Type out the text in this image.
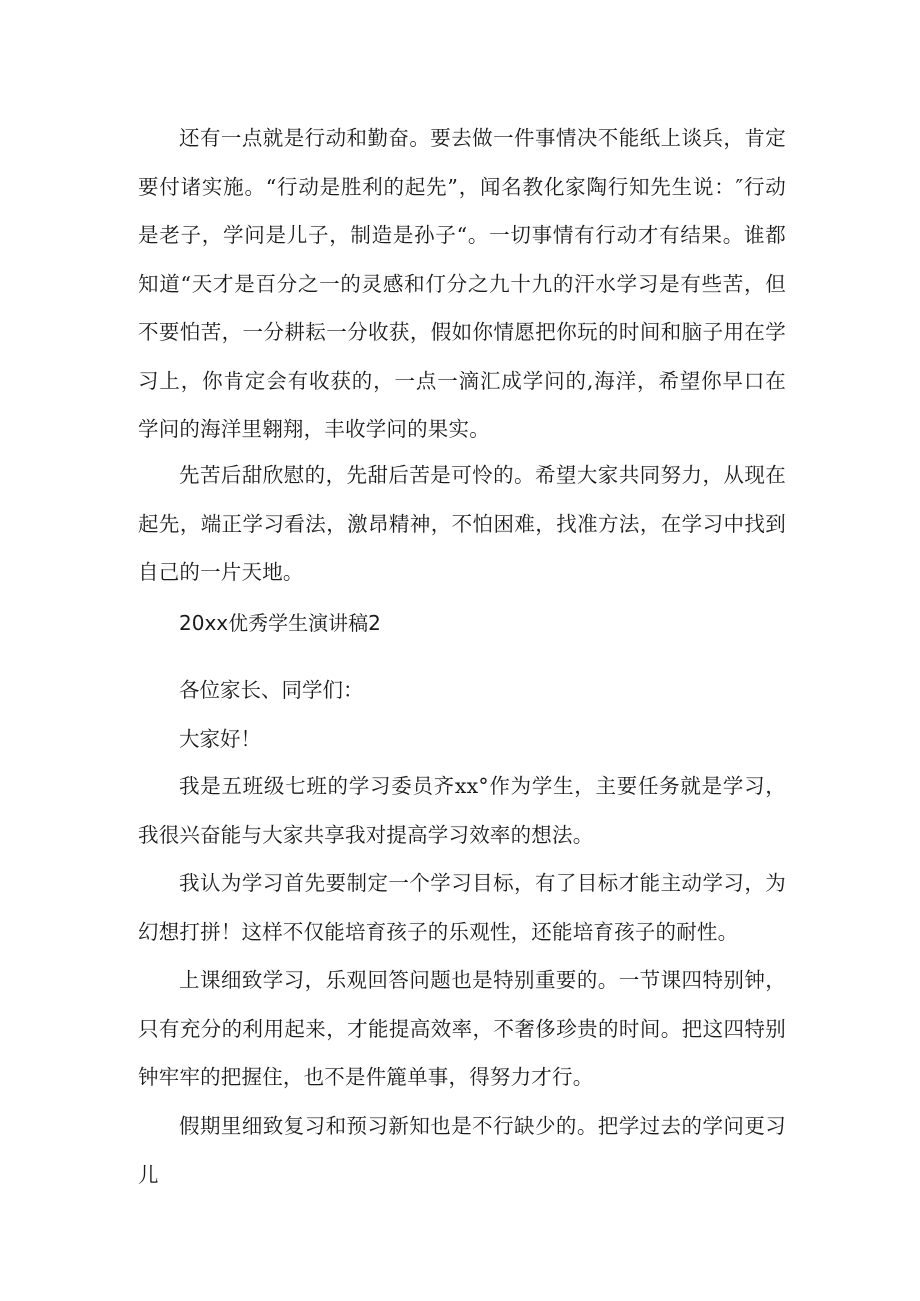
还有一点就是行动和勤奋。要去做一件事情决不能纸上谈兵，肯定要付诸实施。“行动是胜利的起先”，闻名教化家陶行知先生说：″行动是老子，学问是儿子，制造是孙子“。一切事情有行动才有结果。谁都知道“天才是百分之一的灵感和仃分之九十九的汗水学习是有些苦，但不要怕苦，一分耕耘一分收获，假如你情愿把你玩的时间和脑子用在学习上，你肯定会有收获的，一点一滴汇成学问的,海洋，希望你早口在学问的海洋里翱翔，丰收学问的果实。

先苦后甜欣慰的，先甜后苦是可怜的。希望大家共同努力，从现在起先，端正学习看法，激昂精神，不怕困难，找准方法，在学习中找到自己的一片天地。

20xx优秀学生演讲稿2

各位家长、同学们：

大家好！

我是五班级七班的学习委员齐xx°作为学生，主要任务就是学习，我很兴奋能与大家共享我对提高学习效率的想法。

我认为学习首先要制定一个学习目标，有了目标才能主动学习，为幻想打拼！这样不仅能培育孩子的乐观性，还能培育孩子的耐性。

上课细致学习，乐观回答问题也是特别重要的。一节课四特别钟，只有充分的利用起来，才能提高效率，不奢侈珍贵的时间。把这四特别钟牢牢的把握住，也不是件簏单事，得努力才行。

假期里细致复习和预习新知也是不行缺少的。把学过去的学问更习儿
